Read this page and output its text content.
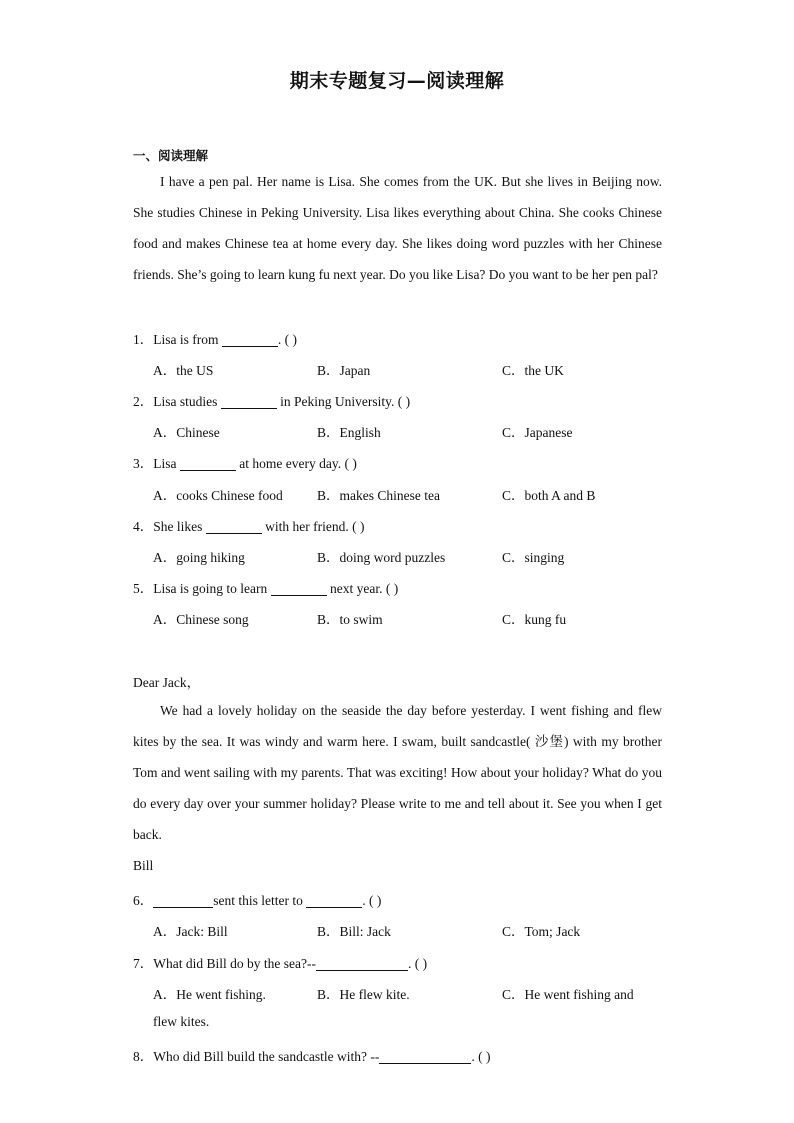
期末专题复习—阅读理解
一、阅读理解
I have a pen pal. Her name is Lisa. She comes from the UK. But she lives in Beijing now. She studies Chinese in Peking University. Lisa likes everything about China. She cooks Chinese food and makes Chinese tea at home every day. She likes doing word puzzles with her Chinese friends. She’s going to learn kung fu next year. Do you like Lisa? Do you want to be her pen pal?
1．Lisa is from	. ( )
A．the US	B．Japan	C．the UK
2．Lisa studies	in Peking University. ( )
A．Chinese	B．English	C．Japanese
3．Lisa	at home every day. ( )
A．cooks Chinese food	B．makes Chinese tea	C．both A and B
4．She likes	with her friend. ( )
A．going hiking	B．doing word puzzles	C．singing
5．Lisa is going to learn	next year. ( )
A．Chinese song	B．to swim	C．kung fu
Dear Jack，
We had a lovely holiday on the seaside the day before yesterday. I went fishing and flew kites by the sea. It was windy and warm here. I swam, built sandcastle( 沙堡) with my brother Tom and went sailing with my parents. That was exciting! How about your holiday? What do you do every day over your summer holiday? Please write to me and tell about it. See you when I get back.
Bill
6．	sent this letter to	. ( )
A．Jack: Bill	B．Bill: Jack	C．Tom; Jack
7．What did Bill do by the sea?--	. ( )
A．He went fishing.	B．He flew kite.	C．He went fishing and
flew kites.
8．Who did Bill build the sandcastle with? --	. ( )
